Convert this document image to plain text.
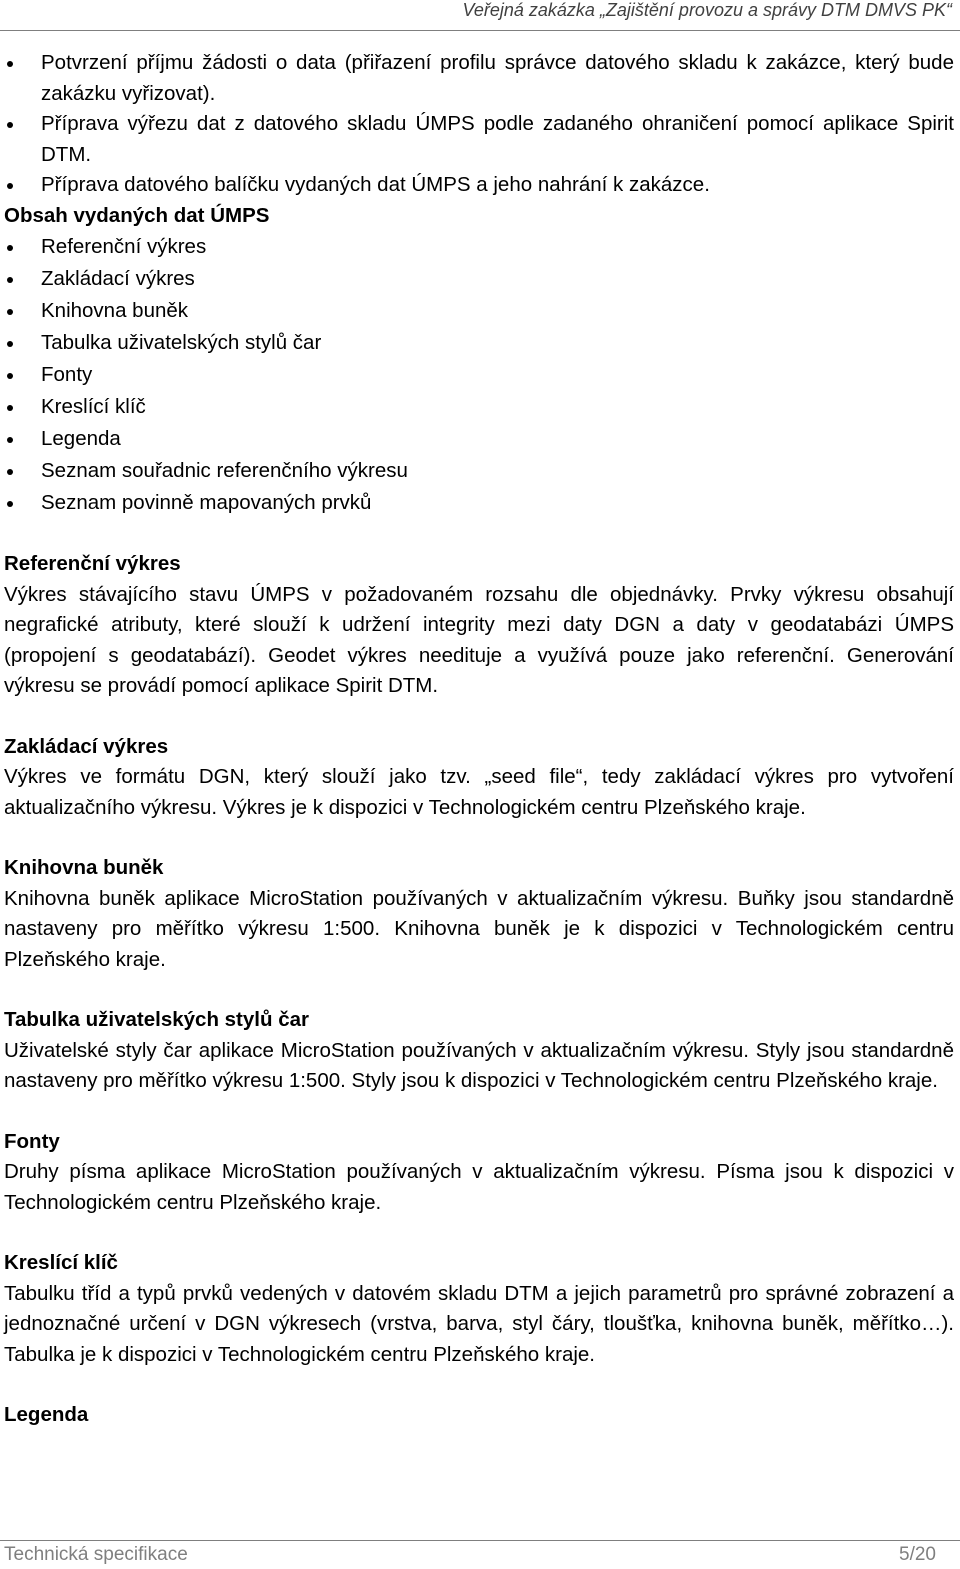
Veřejná zakázka „Zajištění provozu a správy DTM DMVS PK“
Potvrzení příjmu žádosti o data (přiřazení profilu správce datového skladu k zakázce, který bude zakázku vyřizovat).
Příprava výřezu dat z datového skladu ÚMPS podle zadaného ohraničení pomocí aplikace Spirit DTM.
Příprava datového balíčku vydaných dat ÚMPS a jeho nahrání k zakázce.
Obsah vydaných dat ÚMPS
Referenční výkres
Zakládací výkres
Knihovna buněk
Tabulka uživatelských stylů čar
Fonty
Kreslící klíč
Legenda
Seznam souřadnic referenčního výkresu
Seznam povinně mapovaných prvků
Referenční výkres

Výkres stávajícího stavu ÚMPS v požadovaném rozsahu dle objednávky. Prvky výkresu obsahují negrafické atributy, které slouží k udržení integrity mezi daty DGN a daty v geodatabázi ÚMPS (propojení s geodatabází). Geodet výkres needituje a využívá pouze jako referenční. Generování výkresu se provádí pomocí aplikace Spirit DTM.

Zakládací výkres

Výkres ve formátu DGN, který slouží jako tzv. „seed file“, tedy zakládací výkres pro vytvoření aktualizačního výkresu. Výkres je k dispozici v Technologickém centru Plzeňského kraje.

Knihovna buněk

Knihovna buněk aplikace MicroStation používaných v aktualizačním výkresu. Buňky jsou standardně nastaveny pro měřítko výkresu 1:500. Knihovna buněk je k dispozici v Technologickém centru Plzeňského kraje.

Tabulka uživatelských stylů čar

Uživatelské styly čar aplikace MicroStation používaných v aktualizačním výkresu. Styly jsou standardně nastaveny pro měřítko výkresu 1:500. Styly jsou k dispozici v Technologickém centru Plzeňského kraje.

Fonty

Druhy písma aplikace MicroStation používaných v aktualizačním výkresu. Písma jsou k dispozici v Technologickém centru Plzeňského kraje.

Kreslící klíč

Tabulku tříd a typů prvků vedených v datovém skladu DTM a jejich parametrů pro správné zobrazení a jednoznačné určení v DGN výkresech (vrstva, barva, styl čáry, tloušťka, knihovna buněk, měřítko…). Tabulka je k dispozici v Technologickém centru Plzeňského kraje.

Legenda
Technická specifikace	5/20
